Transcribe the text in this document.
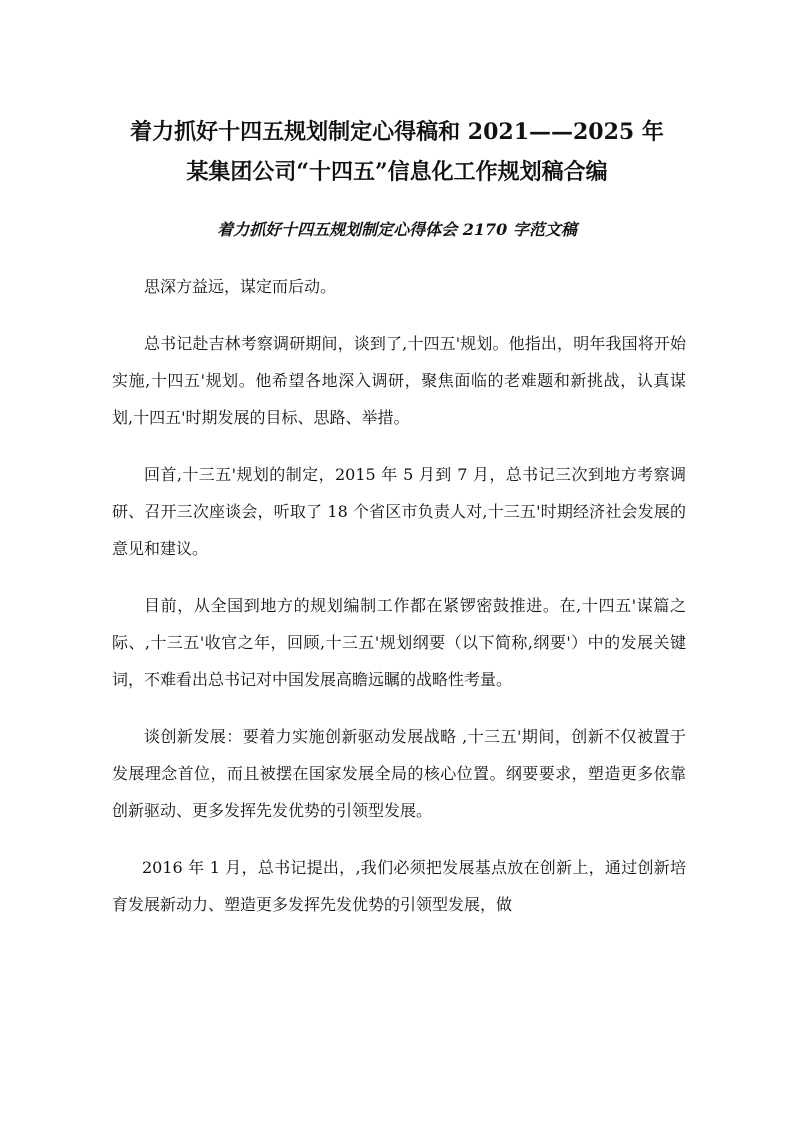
着力抓好十四五规划制定心得稿和 2021——2025 年
某集团公司“十四五”信息化工作规划稿合编
着力抓好十四五规划制定心得体会 2170 字范文稿

思深方益远，谋定而后动。

总书记赴吉林考察调研期间，谈到了,十四五'规划。他指出，明年我国将开始实施,十四五'规划。他希望各地深入调研，聚焦面临的老难题和新挑战，认真谋划,十四五'时期发展的目标、思路、举措。

回首,十三五'规划的制定，2015 年 5 月到 7 月，总书记三次到地方考察调研、召开三次座谈会，听取了 18 个省区市负责人对,十三五'时期经济社会发展的意见和建议。

目前，从全国到地方的规划编制工作都在紧锣密鼓推进。在,十四五'谋篇之际、,十三五'收官之年，回顾,十三五'规划纲要（以下简称,纲要'）中的发展关键词，不难看出总书记对中国发展高瞻远瞩的战略性考量。

谈创新发展：要着力实施创新驱动发展战略 ,十三五'期间，创新不仅被置于发展理念首位，而且被摆在国家发展全局的核心位置。纲要要求，塑造更多依靠创新驱动、更多发挥先发优势的引领型发展。

2016 年 1 月，总书记提出，,我们必须把发展基点放在创新上，通过创新培育发展新动力、塑造更多发挥先发优势的引领型发展，做
